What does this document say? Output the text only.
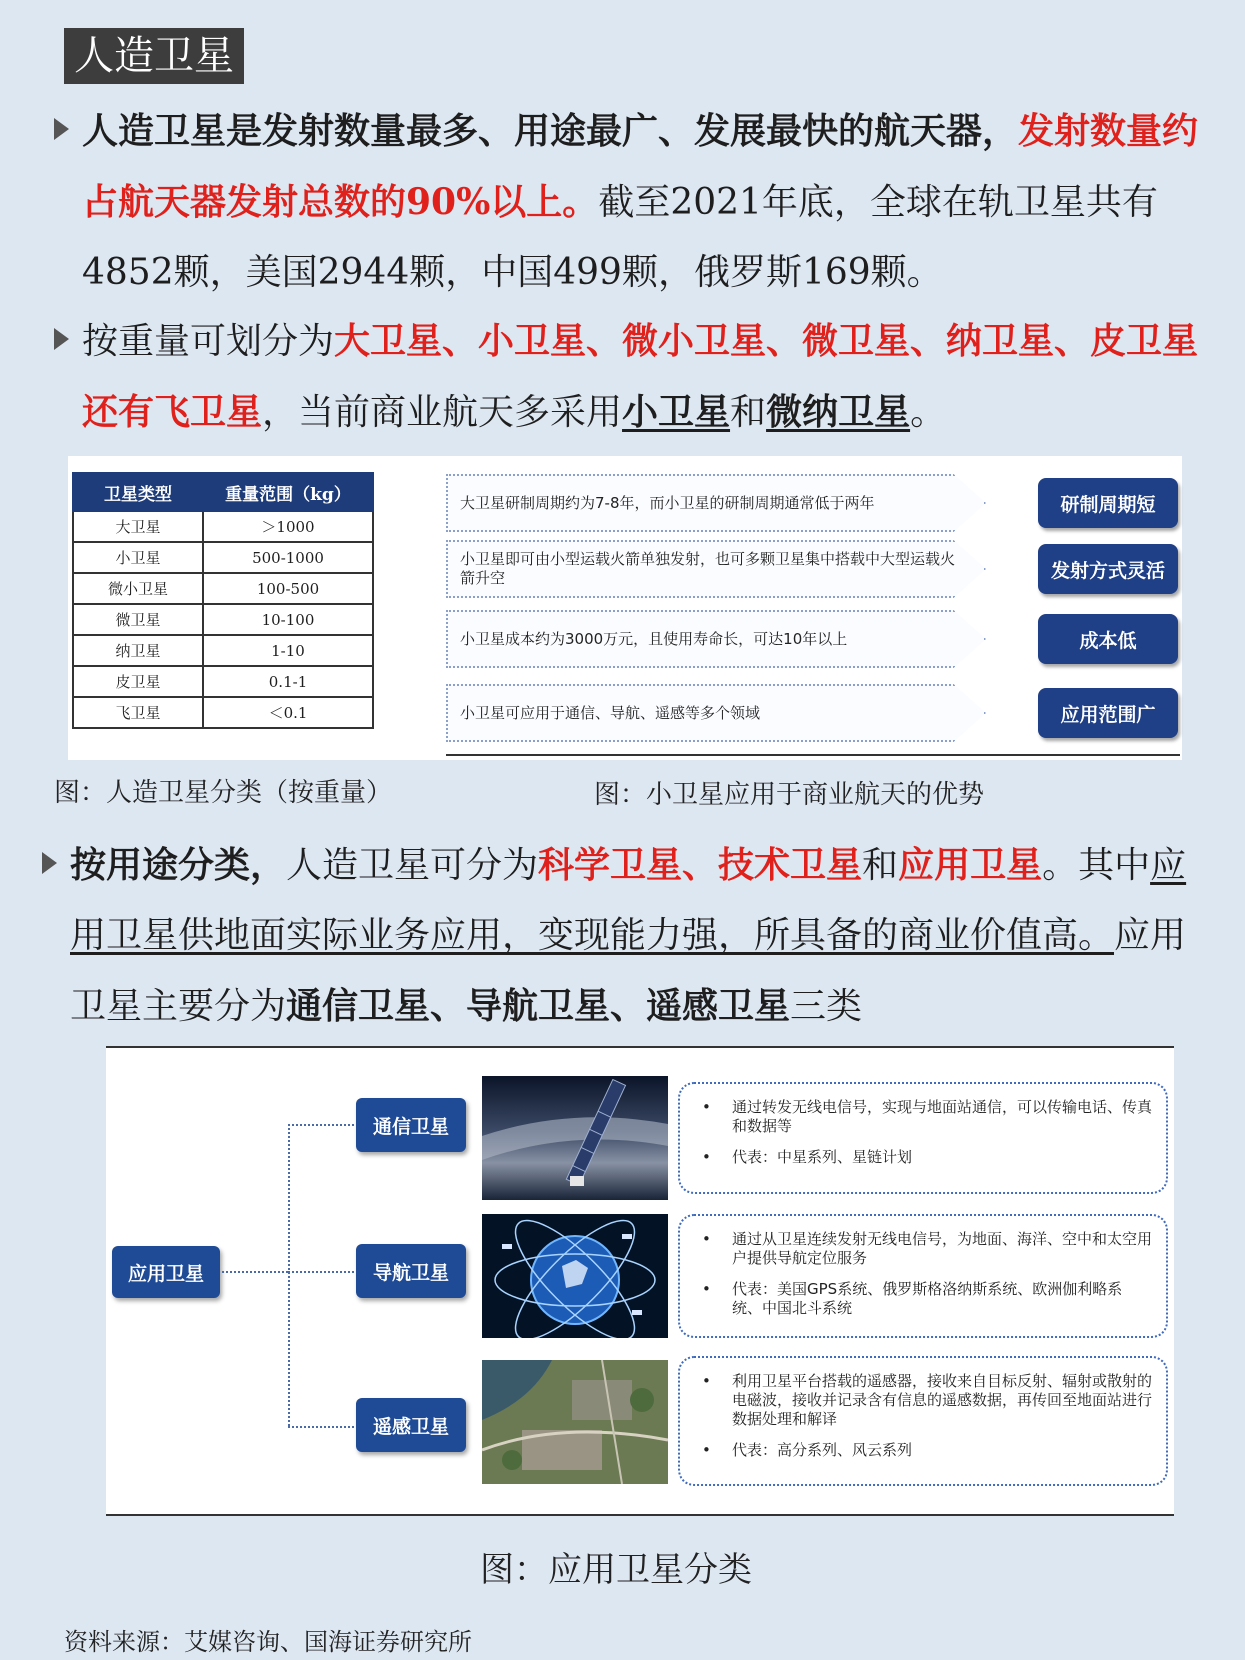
人造卫星
人造卫星是发射数量最多、用途最广、发展最快的航天器，发射数量约占航天器发射总数的90%以上。截至2021年底，全球在轨卫星共有4852颗，美国2944颗，中国499颗，俄罗斯169颗。
按重量可划分为大卫星、小卫星、微小卫星、微卫星、纳卫星、皮卫星还有飞卫星，当前商业航天多采用小卫星和微纳卫星。
卫星类型	重量范围（kg）
大卫星	＞1000
小卫星	500-1000
微小卫星	100-500
微卫星	10-100
纳卫星	1-10
皮卫星	0.1-1
飞卫星	＜0.1
大卫星研制周期约为7-8年，而小卫星的研制周期通常低于两年	研制周期短
小卫星即可由小型运载火箭单独发射，也可多颗卫星集中搭载中大型运载火箭升空	发射方式灵活
小卫星成本约为3000万元，且使用寿命长，可达10年以上	成本低
小卫星可应用于通信、导航、遥感等多个领域	应用范围广
图：人造卫星分类（按重量）	图：小卫星应用于商业航天的优势
按用途分类，人造卫星可分为科学卫星、技术卫星和应用卫星。其中应用卫星供地面实际业务应用，变现能力强，所具备的商业价值高。应用卫星主要分为通信卫星、导航卫星、遥感卫星三类
应用卫星
通信卫星
导航卫星
遥感卫星
• 通过转发无线电信号，实现与地面站通信，可以传输电话、传真和数据等
• 代表：中星系列、星链计划
• 通过从卫星连续发射无线电信号，为地面、海洋、空中和太空用户提供导航定位服务
• 代表：美国GPS系统、俄罗斯格洛纳斯系统、欧洲伽利略系统、中国北斗系统
• 利用卫星平台搭载的遥感器，接收来自目标反射、辐射或散射的电磁波，接收并记录含有信息的遥感数据，再传回至地面站进行数据处理和解译
• 代表：高分系列、风云系列
图：应用卫星分类
资料来源：艾媒咨询、国海证券研究所
